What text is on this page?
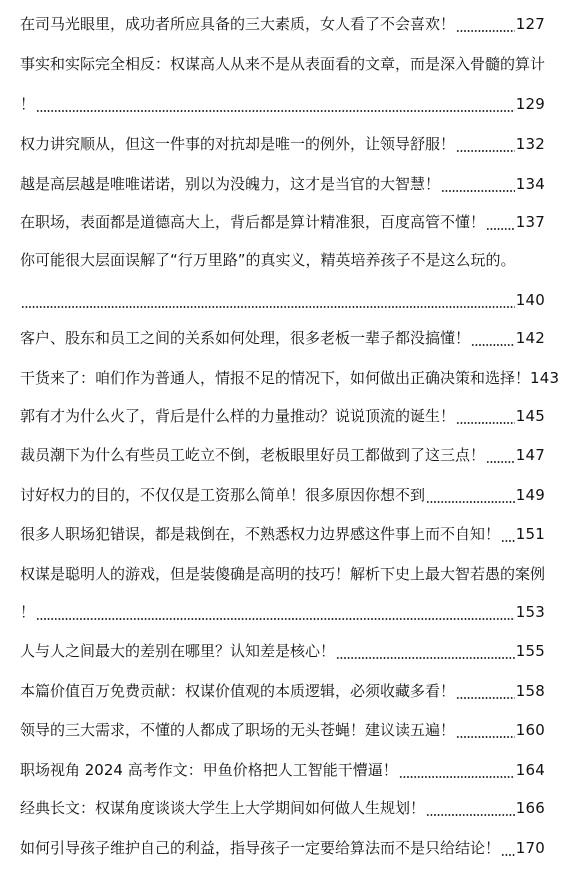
在司马光眼里，成功者所应具备的三大素质，女人看了不会喜欢！	127
事实和实际完全相反：权谋高人从来不是从表面看的文章，而是深入骨髓的算计
！	129
权力讲究顺从，但这一件事的对抗却是唯一的例外，让领导舒服！	132
越是高层越是唯唯诺诺，别以为没魄力，这才是当官的大智慧！	134
在职场，表面都是道德高大上，背后都是算计精准狠，百度高管不懂！ 137
你可能很大层面误解了“行万里路”的真实义，精英培养孩子不是这么玩的。
140
客户、股东和员工之间的关系如何处理，很多老板一辈子都没搞懂！	142
干货来了：咱们作为普通人，情报不足的情况下，如何做出正确决策和选择！ 143
郭有才为什么火了，背后是什么样的力量推动？说说顶流的诞生！	145
裁员潮下为什么有些员工屹立不倒，老板眼里好员工都做到了这三点！ 147
讨好权力的目的，不仅仅是工资那么简单！很多原因你想不到	149
很多人职场犯错误，都是栽倒在，不熟悉权力边界感这件事上而不自知！ 151
权谋是聪明人的游戏，但是装傻确是高明的技巧！解析下史上最大智若愚的案例
！	153
人与人之间最大的差别在哪里？认知差是核心！	155
本篇价值百万免费贡献：权谋价值观的本质逻辑，必须收藏多看！	158
领导的三大需求，不懂的人都成了职场的无头苍蝇！建议读五遍！	160
职场视角 2024 高考作文：甲鱼价格把人工智能干懵逼！	164
经典长文：权谋角度谈谈大学生上大学期间如何做人生规划！	166
如何引导孩子维护自己的利益，指导孩子一定要给算法而不是只给结论！ 170
